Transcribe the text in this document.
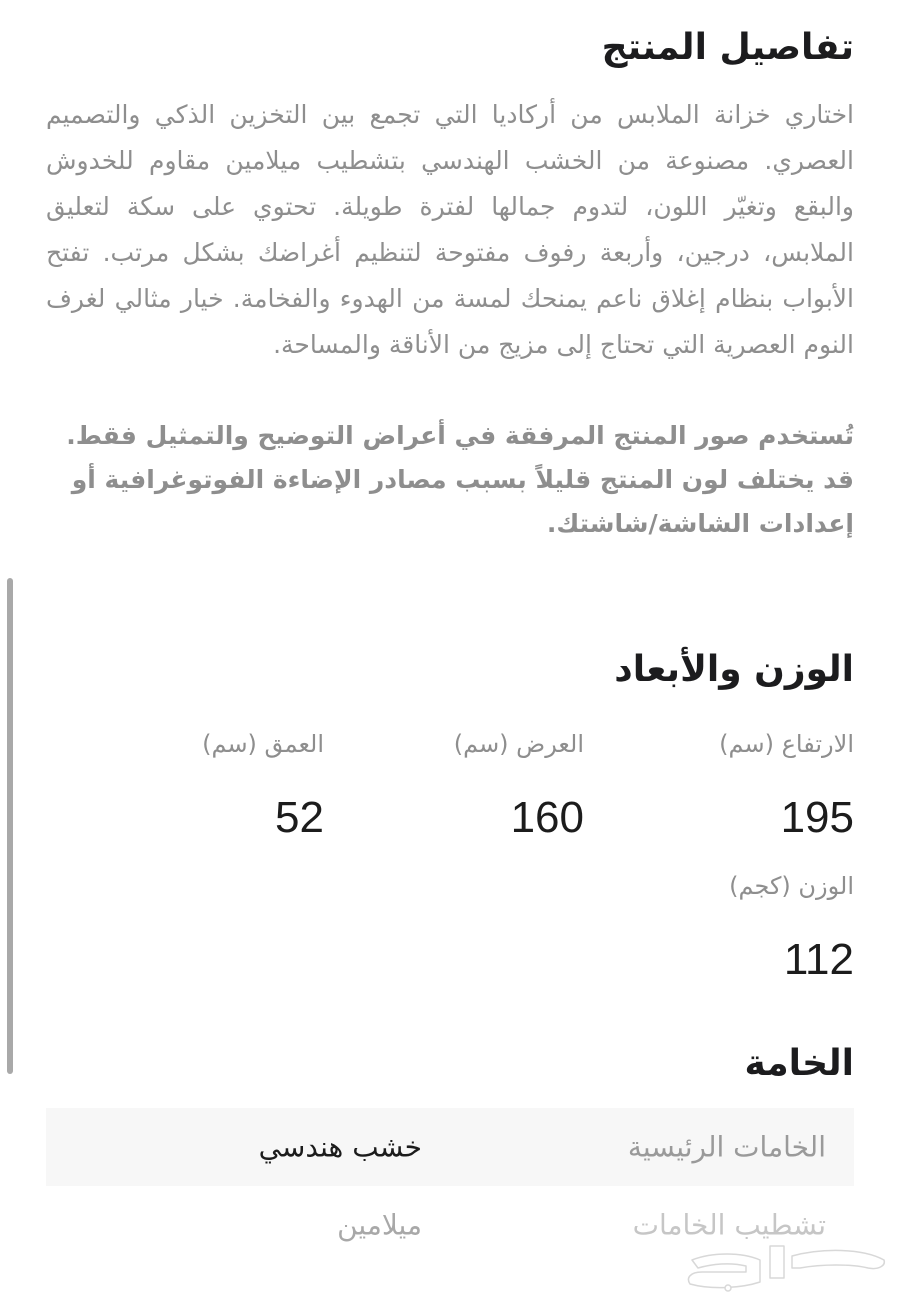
تفاصيل المنتج

اختاري خزانة الملابس من أركاديا التي تجمع بين التخزين الذكي والتصميم العصري. مصنوعة من الخشب الهندسي بتشطيب ميلامين مقاوم للخدوش والبقع وتغيّر اللون، لتدوم جمالها لفترة طويلة. تحتوي على سكة لتعليق الملابس، درجين، وأربعة رفوف مفتوحة لتنظيم أغراضك بشكل مرتب. تفتح الأبواب بنظام إغلاق ناعم يمنحك لمسة من الهدوء والفخامة. خيار مثالي لغرف النوم العصرية التي تحتاج إلى مزيج من الأناقة والمساحة.

تُستخدم صور المنتج المرفقة في أعراض التوضيح والتمثيل فقط. قد يختلف لون المنتج قليلاً بسبب مصادر الإضاءة الفوتوغرافية أو إعدادات الشاشة/شاشتك.

الوزن والأبعاد
الارتفاع (سم)
195
العرض (سم)
160
العمق (سم)
52
الوزن (كجم)
112
الخامة
الخامات الرئيسية
خشب هندسي
تشطيب الخامات
ميلامين
